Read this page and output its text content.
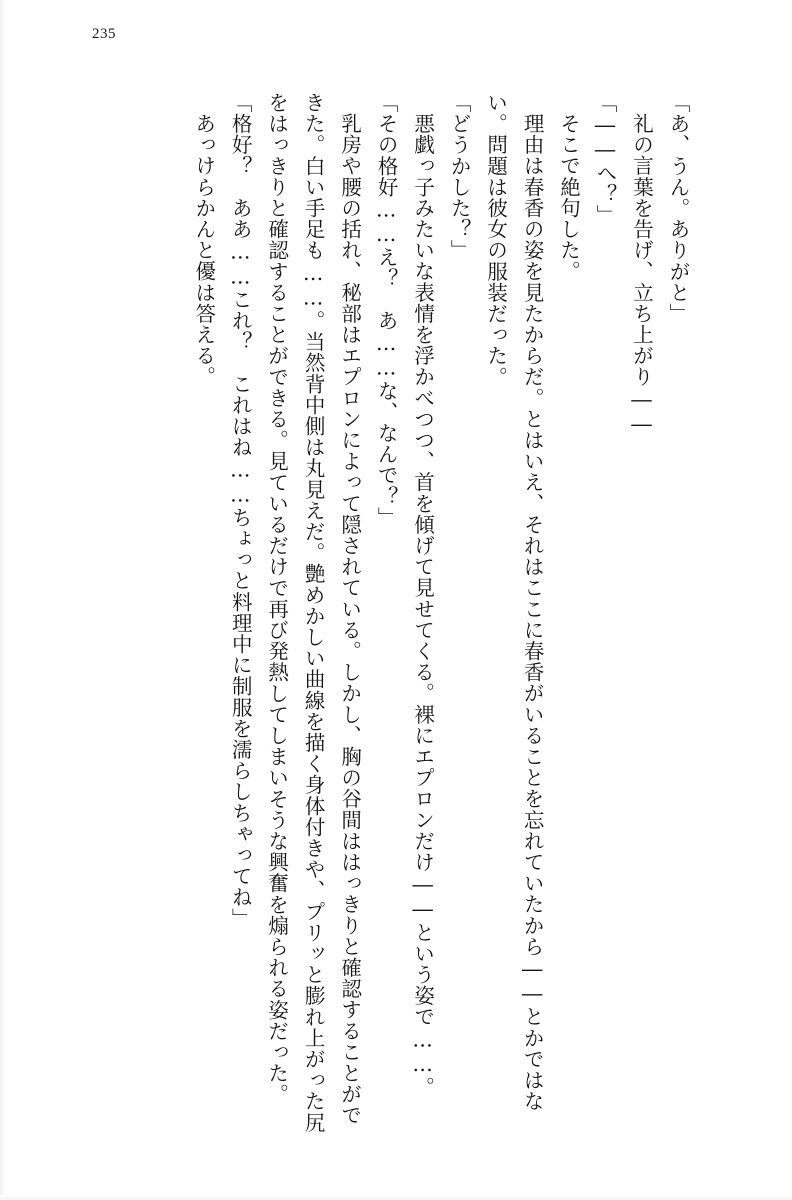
235
「あ、うん。ありがと」
礼の言葉を告げ、立ち上がり――
「――へ？」
そこで絶句した。
理由は春香の姿を見たからだ。とはいえ、それはここに春香がいることを忘れていたから――とかではない。問題は彼女の服装だった。
「どうかした？」
悪戯っ子みたいな表情を浮かべつつ、首を傾げて見せてくる。裸にエプロンだけ――という姿で……。
「その格好……え？　あ……な、なんで？」
乳房や腰の括れ、秘部はエプロンによって隠されている。しかし、胸の谷間ははっきりと確認することができた。白い手足も……。当然背中側は丸見えだ。艶めかしい曲線を描く身体付きや、プリッと膨れ上がった尻をはっきりと確認することができる。見ているだけで再び発熱してしまいそうな興奮を煽られる姿だった。
「格好？　ああ……これ？　これはね……ちょっと料理中に制服を濡らしちゃってね」
あっけらかんと優は答える。
